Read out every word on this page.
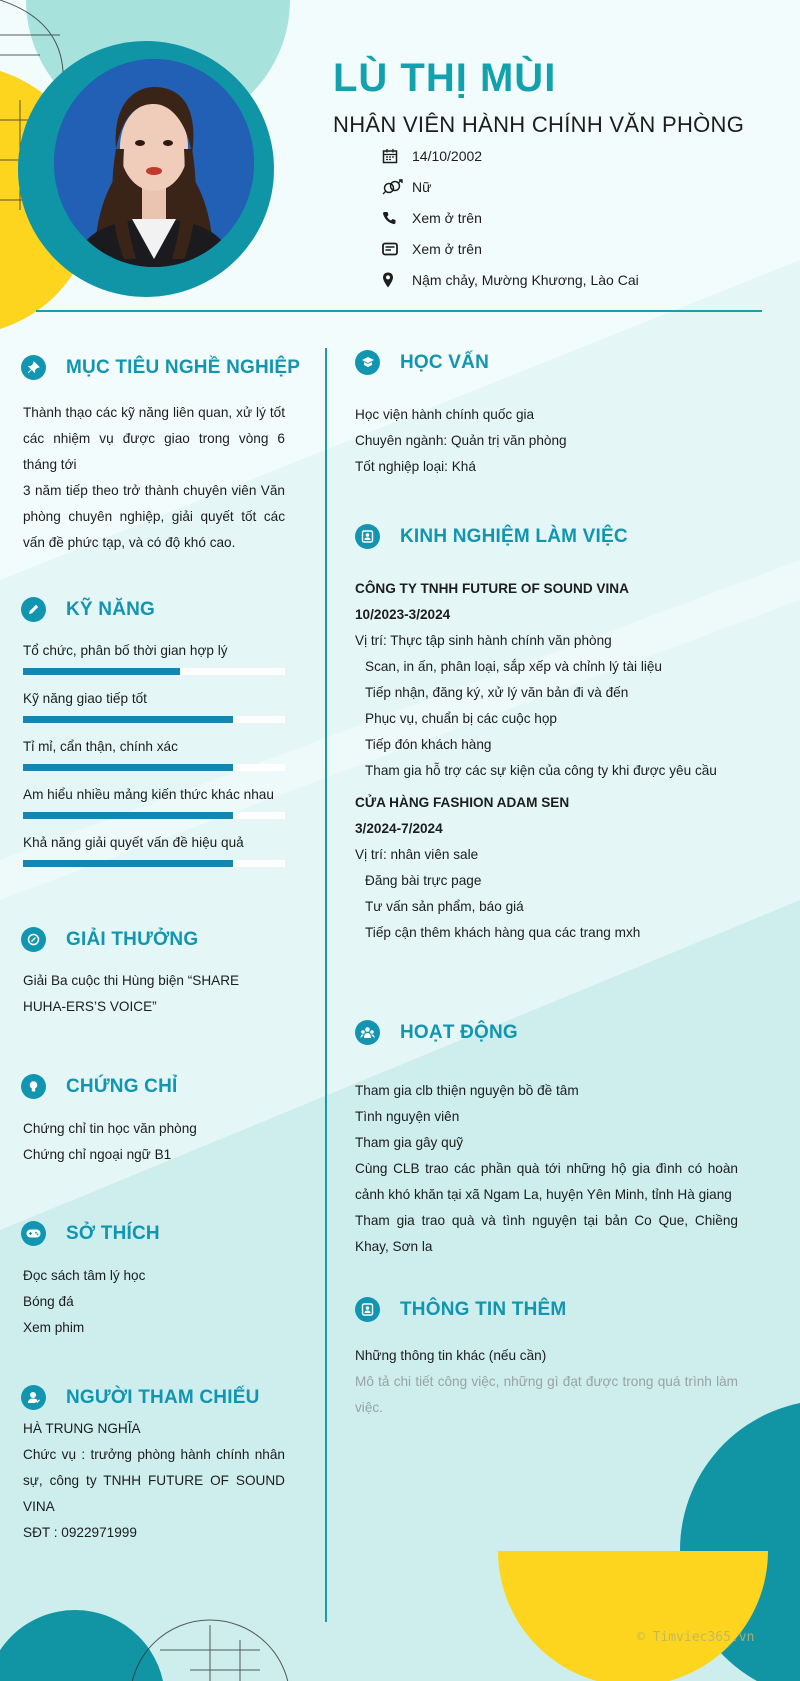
LÙ THỊ MÙI
NHÂN VIÊN HÀNH CHÍNH VĂN PHÒNG
14/10/2002
Nữ
Xem ở trên
Xem ở trên
Nậm chảy, Mường Khương, Lào Cai
MỤC TIÊU NGHỀ NGHIỆP
Thành thạo các kỹ năng liên quan, xử lý tốt các nhiệm vụ được giao trong vòng 6 tháng tới
3 năm tiếp theo trở thành chuyên viên Văn phòng chuyên nghiệp, giải quyết tốt các vấn đề phức tạp, và có độ khó cao.
KỸ NĂNG
Tổ chức, phân bố thời gian hợp lý
Kỹ năng giao tiếp tốt
Tỉ mỉ, cẩn thận, chính xác
Am hiểu nhiều mảng kiến thức khác nhau
Khả năng giải quyết vấn đề hiệu quả
GIẢI THƯỞNG
Giải Ba cuộc thi Hùng biện “SHARE HUHA-ERS’S VOICE”
CHỨNG CHỈ
Chứng chỉ tin học văn phòng
Chứng chỉ ngoại ngữ B1
SỞ THÍCH
Đọc sách tâm lý học
Bóng đá
Xem phim
NGƯỜI THAM CHIẾU
HÀ TRUNG NGHĨA
Chức vụ : trưởng phòng hành chính nhân sự, công ty TNHH FUTURE OF SOUND VINA
SĐT : 0922971999
HỌC VẤN
Học viện hành chính quốc gia
Chuyên ngành: Quản trị văn phòng
Tốt nghiệp loại: Khá
KINH NGHIỆM LÀM VIỆC
CÔNG TY TNHH FUTURE OF SOUND VINA
10/2023-3/2024
Vị trí: Thực tập sinh hành chính văn phòng
Scan, in ấn, phân loại, sắp xếp và chỉnh lý tài liệu
Tiếp nhận, đăng ký, xử lý văn bản đi và đến
Phục vụ, chuẩn bị các cuộc họp
Tiếp đón khách hàng
Tham gia hỗ trợ các sự kiện của công ty khi được yêu cầu
CỬA HÀNG FASHION ADAM SEN
3/2024-7/2024
Vị trí: nhân viên sale
Đăng bài trực page
Tư vấn sản phẩm, báo giá
Tiếp cận thêm khách hàng qua các trang mxh
HOẠT ĐỘNG
Tham gia clb thiện nguyện bồ đề tâm
Tình nguyện viên
Tham gia gây quỹ
Cùng CLB trao các phần quà tới những hộ gia đình có hoàn cảnh khó khăn tại xã Ngam La, huyện Yên Minh, tỉnh Hà giang
Tham gia trao quà và tình nguyện tại bản Co Que, Chiềng Khay, Sơn la
THÔNG TIN THÊM
Những thông tin khác (nếu cần)
Mô tả chi tiết công việc, những gì đạt được trong quá trình làm việc.
© Timviec365.vn
